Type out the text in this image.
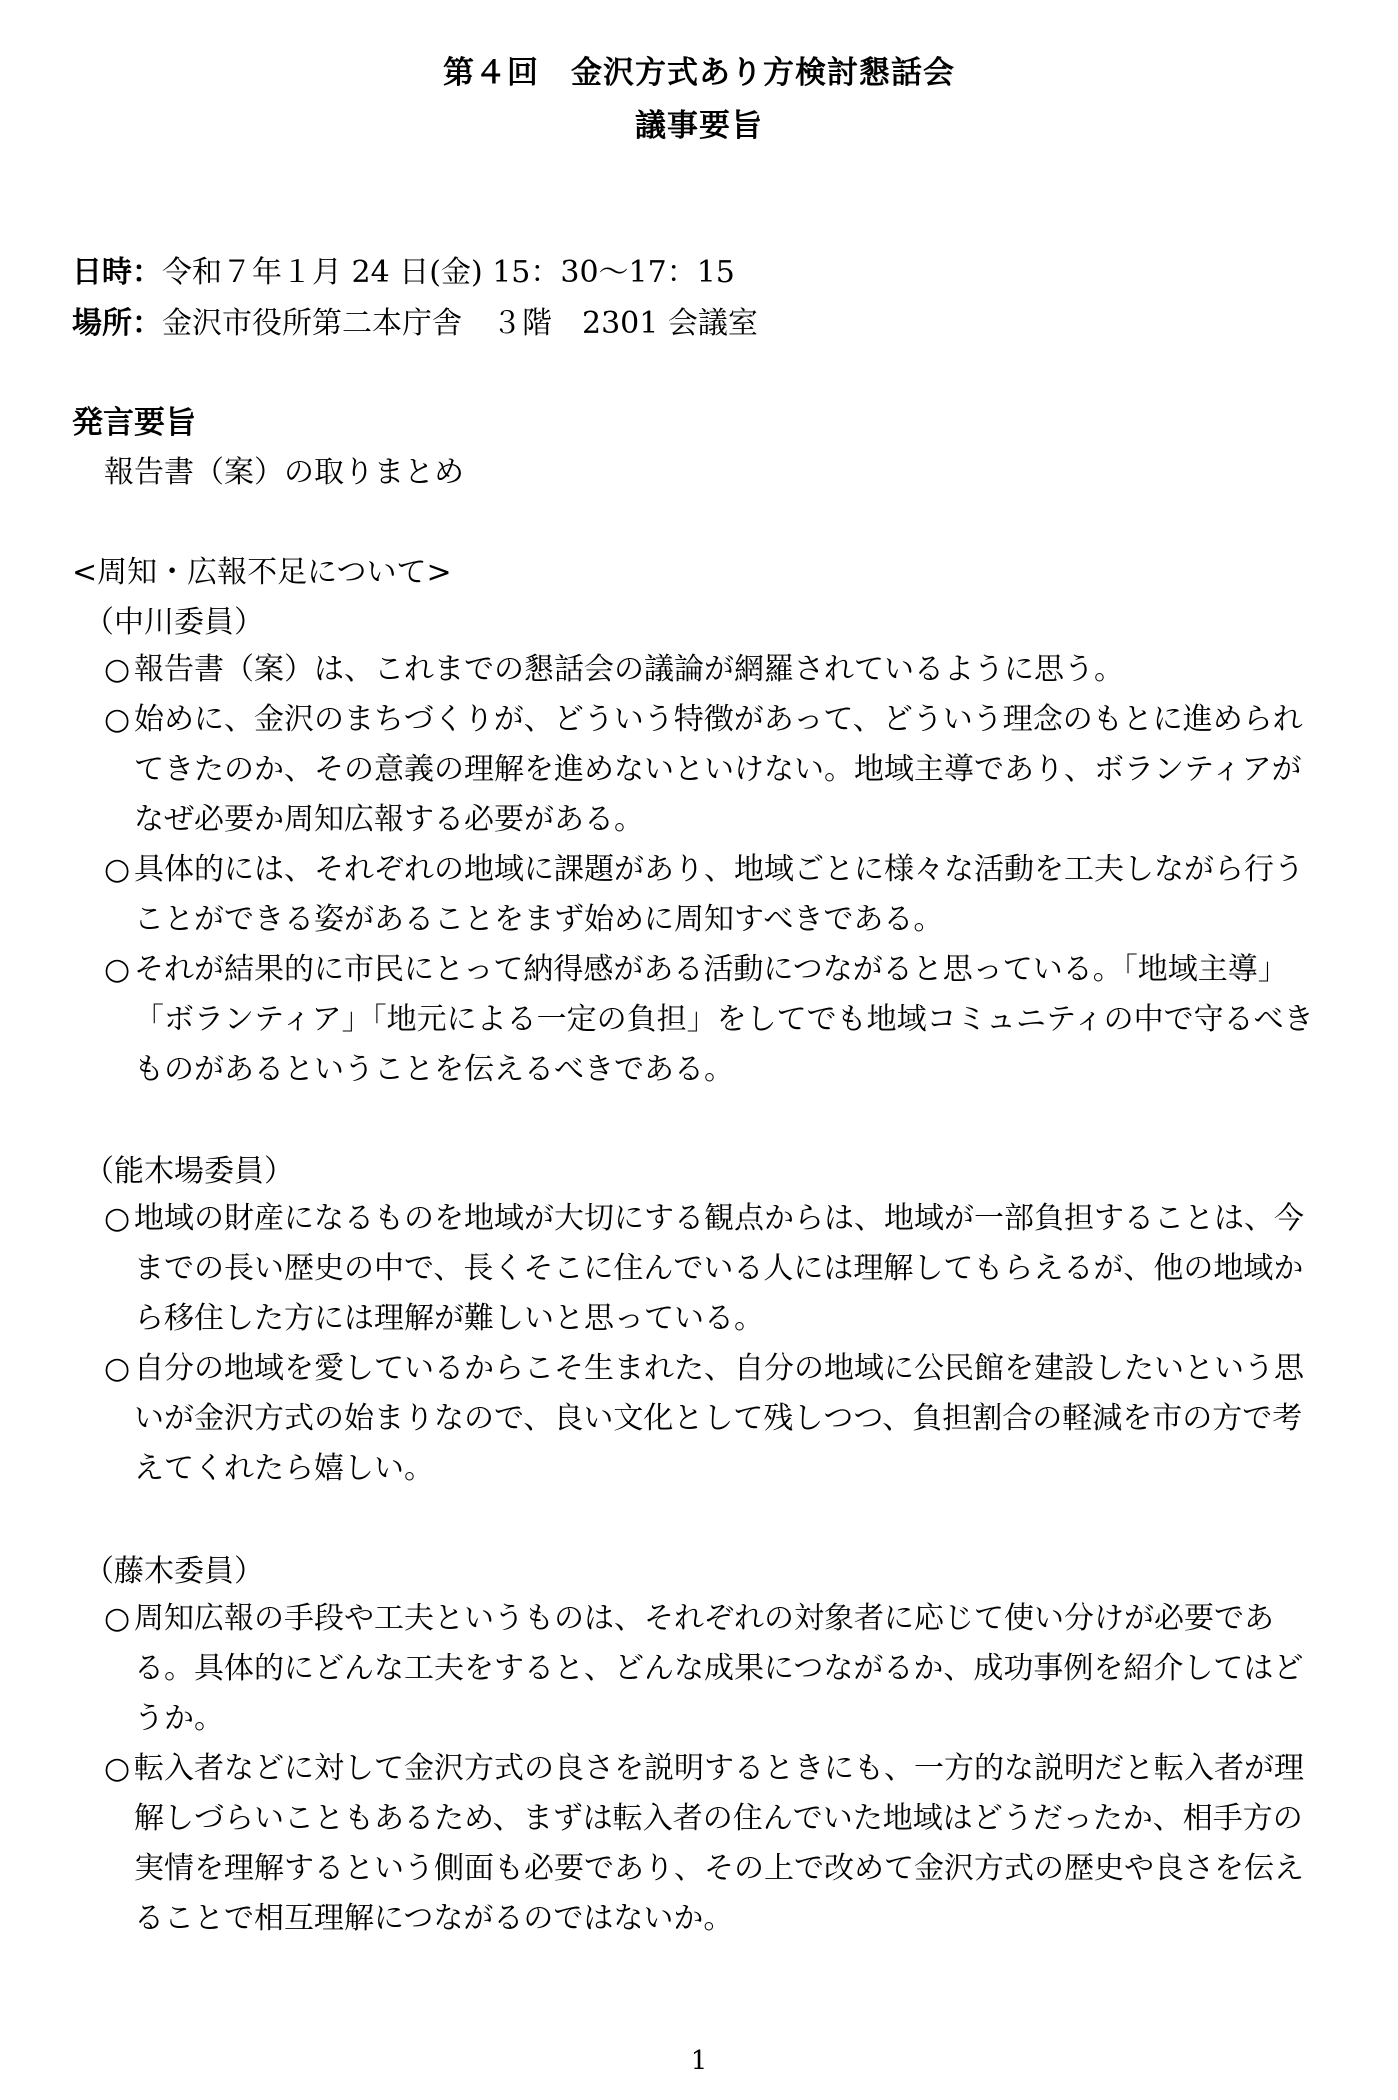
第４回　金沢方式あり方検討懇話会
議事要旨
日時：令和７年１月 24 日(金) 15：30～17：15
場所：金沢市役所第二本庁舎　３階　2301 会議室
発言要旨
報告書（案）の取りまとめ
<周知・広報不足について>
（中川委員）
○ 報告書（案）は、これまでの懇話会の議論が網羅されているように思う。
○ 始めに、金沢のまちづくりが、どういう特徴があって、どういう理念のもとに進められてきたのか、その意義の理解を進めないといけない。地域主導であり、ボランティアがなぜ必要か周知広報する必要がある。
○ 具体的には、それぞれの地域に課題があり、地域ごとに様々な活動を工夫しながら行うことができる姿があることをまず始めに周知すべきである。
○ それが結果的に市民にとって納得感がある活動につながると思っている。「地域主導」「ボランティア」「地元による一定の負担」をしてでも地域コミュニティの中で守るべきものがあるということを伝えるべきである。
（能木場委員）
○ 地域の財産になるものを地域が大切にする観点からは、地域が一部負担することは、今までの長い歴史の中で、長くそこに住んでいる人には理解してもらえるが、他の地域から移住した方には理解が難しいと思っている。
○ 自分の地域を愛しているからこそ生まれた、自分の地域に公民館を建設したいという思いが金沢方式の始まりなので、良い文化として残しつつ、負担割合の軽減を市の方で考えてくれたら嬉しい。
（藤木委員）
○ 周知広報の手段や工夫というものは、それぞれの対象者に応じて使い分けが必要である。具体的にどんな工夫をすると、どんな成果につながるか、成功事例を紹介してはどうか。
○ 転入者などに対して金沢方式の良さを説明するときにも、一方的な説明だと転入者が理解しづらいこともあるため、まずは転入者の住んでいた地域はどうだったか、相手方の実情を理解するという側面も必要であり、その上で改めて金沢方式の歴史や良さを伝えることで相互理解につながるのではないか。
1
